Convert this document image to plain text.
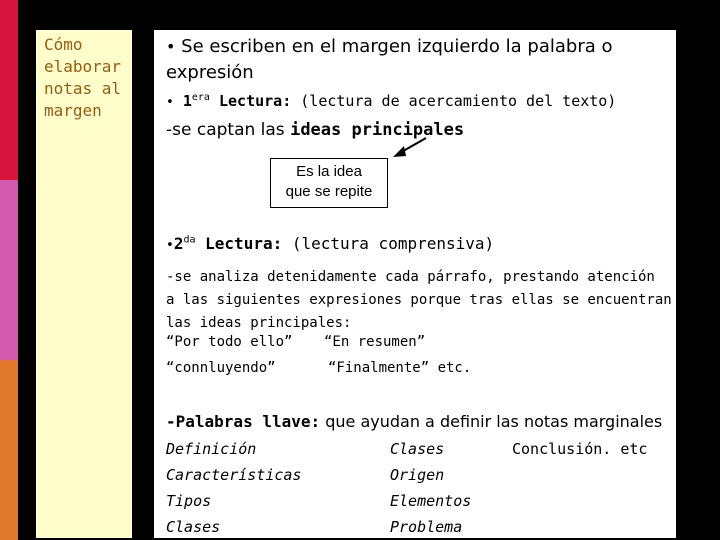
Cómo elaborar notas al margen
• Se escriben en el margen izquierdo la palabra o
expresión
• $1^{era}$ Lectura: (lectura de acercamiento del texto)
-se captan las ideas principales
Es la idea
que se repite
$•2^{da}$ Lectura: (lectura comprensiva)
-se analiza detenidamente cada párrafo, prestando atención
a las siguientes expresiones porque tras ellas se encuentran
las ideas principales:
“Por todo ello” “En resumen”
“connluyendo”	“Finalmente” etc.
-Palabras llave: que ayudan a definir las notas marginales
Definición
Características
Tipos
Clases
Clases
Origen
Elementos
Problema
Conclusión. etc
